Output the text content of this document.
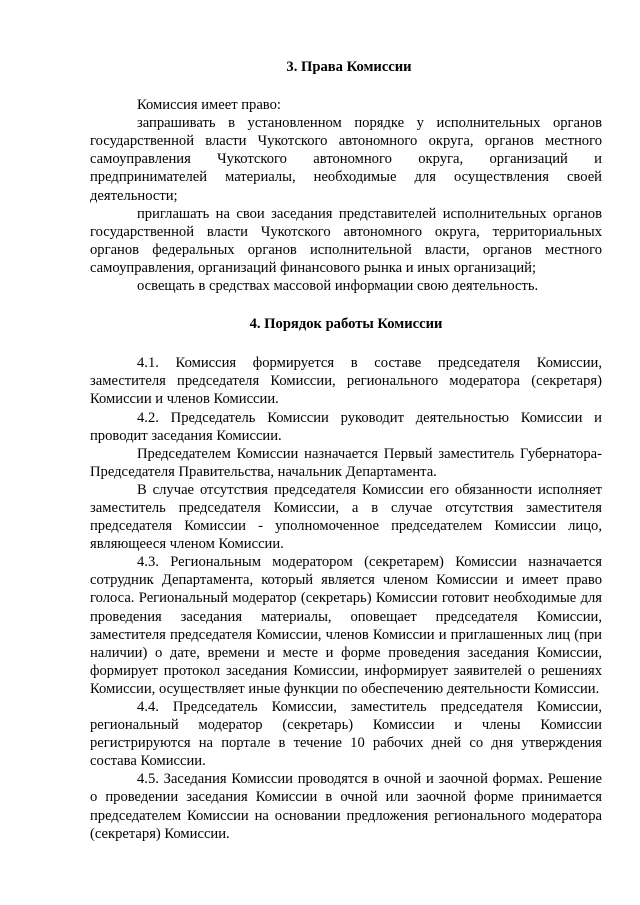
3. Права Комиссии

Комиссия имеет право:

запрашивать в установленном порядке у исполнительных органов государственной власти Чукотского автономного округа, органов местного самоуправления Чукотского автономного округа, организаций и предпринимателей материалы, необходимые для осуществления своей деятельности;

приглашать на свои заседания представителей исполнительных органов государственной власти Чукотского автономного округа, территориальных органов федеральных органов исполнительной власти, органов местного самоуправления, организаций финансового рынка и иных организаций;

освещать в средствах массовой информации свою деятельность.

4. Порядок работы Комиссии

4.1. Комиссия формируется в составе председателя Комиссии, заместителя председателя Комиссии, регионального модератора (секретаря) Комиссии и членов Комиссии.

4.2. Председатель Комиссии руководит деятельностью Комиссии и проводит заседания Комиссии.

Председателем Комиссии назначается Первый заместитель Губернатора-Председателя Правительства, начальник Департамента.

В случае отсутствия председателя Комиссии его обязанности исполняет заместитель председателя Комиссии, а в случае отсутствия заместителя председателя Комиссии - уполномоченное председателем Комиссии лицо, являющееся членом Комиссии.

4.3. Региональным модератором (секретарем) Комиссии назначается сотрудник Департамента, который является членом Комиссии и имеет право голоса. Региональный модератор (секретарь) Комиссии готовит необходимые для проведения заседания материалы, оповещает председателя Комиссии, заместителя председателя Комиссии, членов Комиссии и приглашенных лиц (при наличии) о дате, времени и месте и форме проведения заседания Комиссии, формирует протокол заседания Комиссии, информирует заявителей о решениях Комиссии, осуществляет иные функции по обеспечению деятельности Комиссии.

4.4. Председатель Комиссии, заместитель председателя Комиссии, региональный модератор (секретарь) Комиссии и члены Комиссии регистрируются на портале в течение 10 рабочих дней со дня утверждения состава Комиссии.

4.5. Заседания Комиссии проводятся в очной и заочной формах. Решение о проведении заседания Комиссии в очной или заочной форме принимается председателем Комиссии на основании предложения регионального модератора (секретаря) Комиссии.
